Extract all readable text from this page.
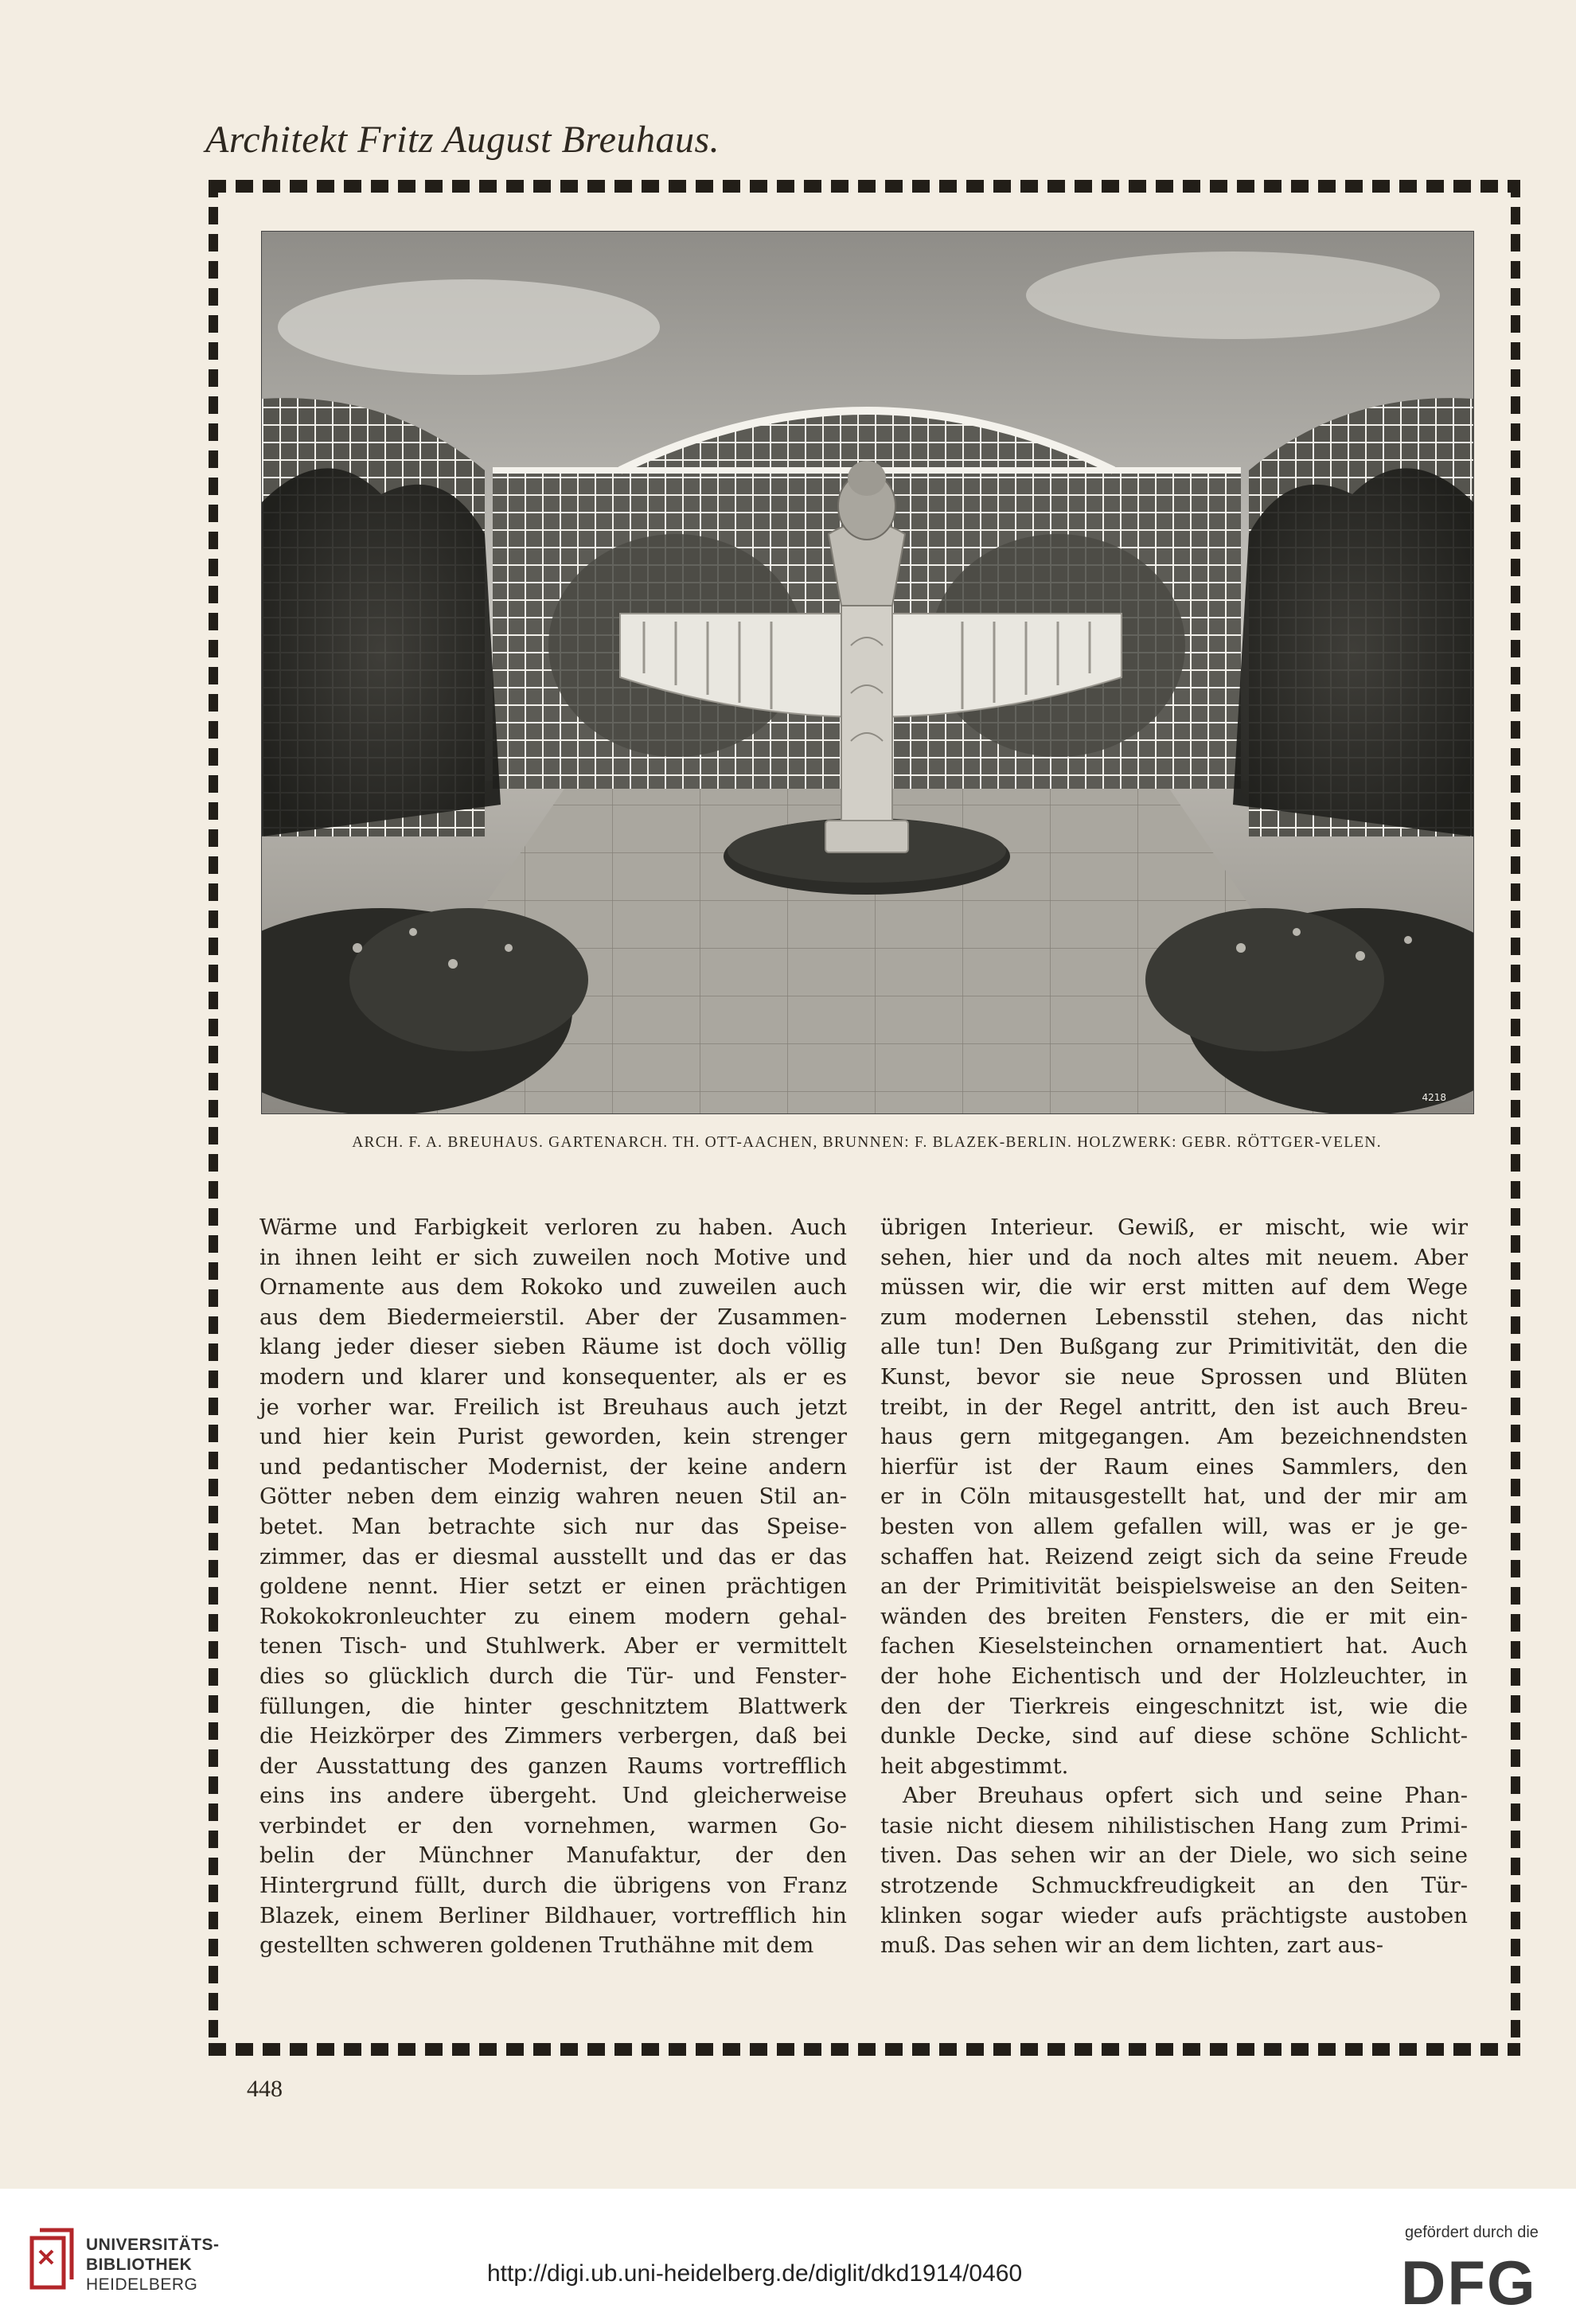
Architekt Fritz August Breuhaus.
4218
ARCH. F. A. BREUHAUS. GARTENARCH. TH. OTT-AACHEN, BRUNNEN: F. BLAZEK-BERLIN. HOLZWERK: GEBR. RÖTTGER-VELEN.

Wärme und Farbigkeit verloren zu haben. Auch

in ihnen leiht er sich zuweilen noch Motive und

Ornamente aus dem Rokoko und zuweilen auch

aus dem Biedermeierstil. Aber der Zusammen-

klang jeder dieser sieben Räume ist doch völlig

modern und klarer und konsequenter, als er es

je vorher war. Freilich ist Breuhaus auch jetzt

und hier kein Purist geworden, kein strenger

und pedantischer Modernist, der keine andern

Götter neben dem einzig wahren neuen Stil an-

betet. Man betrachte sich nur das Speise-

zimmer, das er diesmal ausstellt und das er das

goldene nennt. Hier setzt er einen prächtigen

Rokokokronleuchter zu einem modern gehal-

tenen Tisch- und Stuhlwerk. Aber er vermittelt

dies so glücklich durch die Tür- und Fenster-

füllungen, die hinter geschnitztem Blattwerk

die Heizkörper des Zimmers verbergen, daß bei

der Ausstattung des ganzen Raums vortrefflich

eins ins andere übergeht. Und gleicherweise

verbindet er den vornehmen, warmen Go-

belin der Münchner Manufaktur, der den

Hintergrund füllt, durch die übrigens von Franz

Blazek, einem Berliner Bildhauer, vortrefflich hin

gestellten schweren goldenen Truthähne mit dem

übrigen Interieur. Gewiß, er mischt, wie wir

sehen, hier und da noch altes mit neuem. Aber

müssen wir, die wir erst mitten auf dem Wege

zum modernen Lebensstil stehen, das nicht

alle tun! Den Bußgang zur Primitivität, den die

Kunst, bevor sie neue Sprossen und Blüten

treibt, in der Regel antritt, den ist auch Breu-

haus gern mitgegangen. Am bezeichnendsten

hierfür ist der Raum eines Sammlers, den

er in Cöln mitausgestellt hat, und der mir am

besten von allem gefallen will, was er je ge-

schaffen hat. Reizend zeigt sich da seine Freude

an der Primitivität beispielsweise an den Seiten-

wänden des breiten Fensters, die er mit ein-

fachen Kieselsteinchen ornamentiert hat. Auch

der hohe Eichentisch und der Holzleuchter, in

den der Tierkreis eingeschnitzt ist, wie die

dunkle Decke, sind auf diese schöne Schlicht-

heit abgestimmt.

Aber Breuhaus opfert sich und seine Phan-

tasie nicht diesem nihilistischen Hang zum Primi-

tiven. Das sehen wir an der Diele, wo sich seine

strotzende Schmuckfreudigkeit an den Tür-

klinken sogar wieder aufs prächtigste austoben

muß. Das sehen wir an dem lichten, zart aus-

448
UNIVERSITÄTS-
BIBLIOTHEK
HEIDELBERG	http://digi.ub.uni-heidelberg.de/diglit/dkd1914/0460
gefördert durch die
DFG
